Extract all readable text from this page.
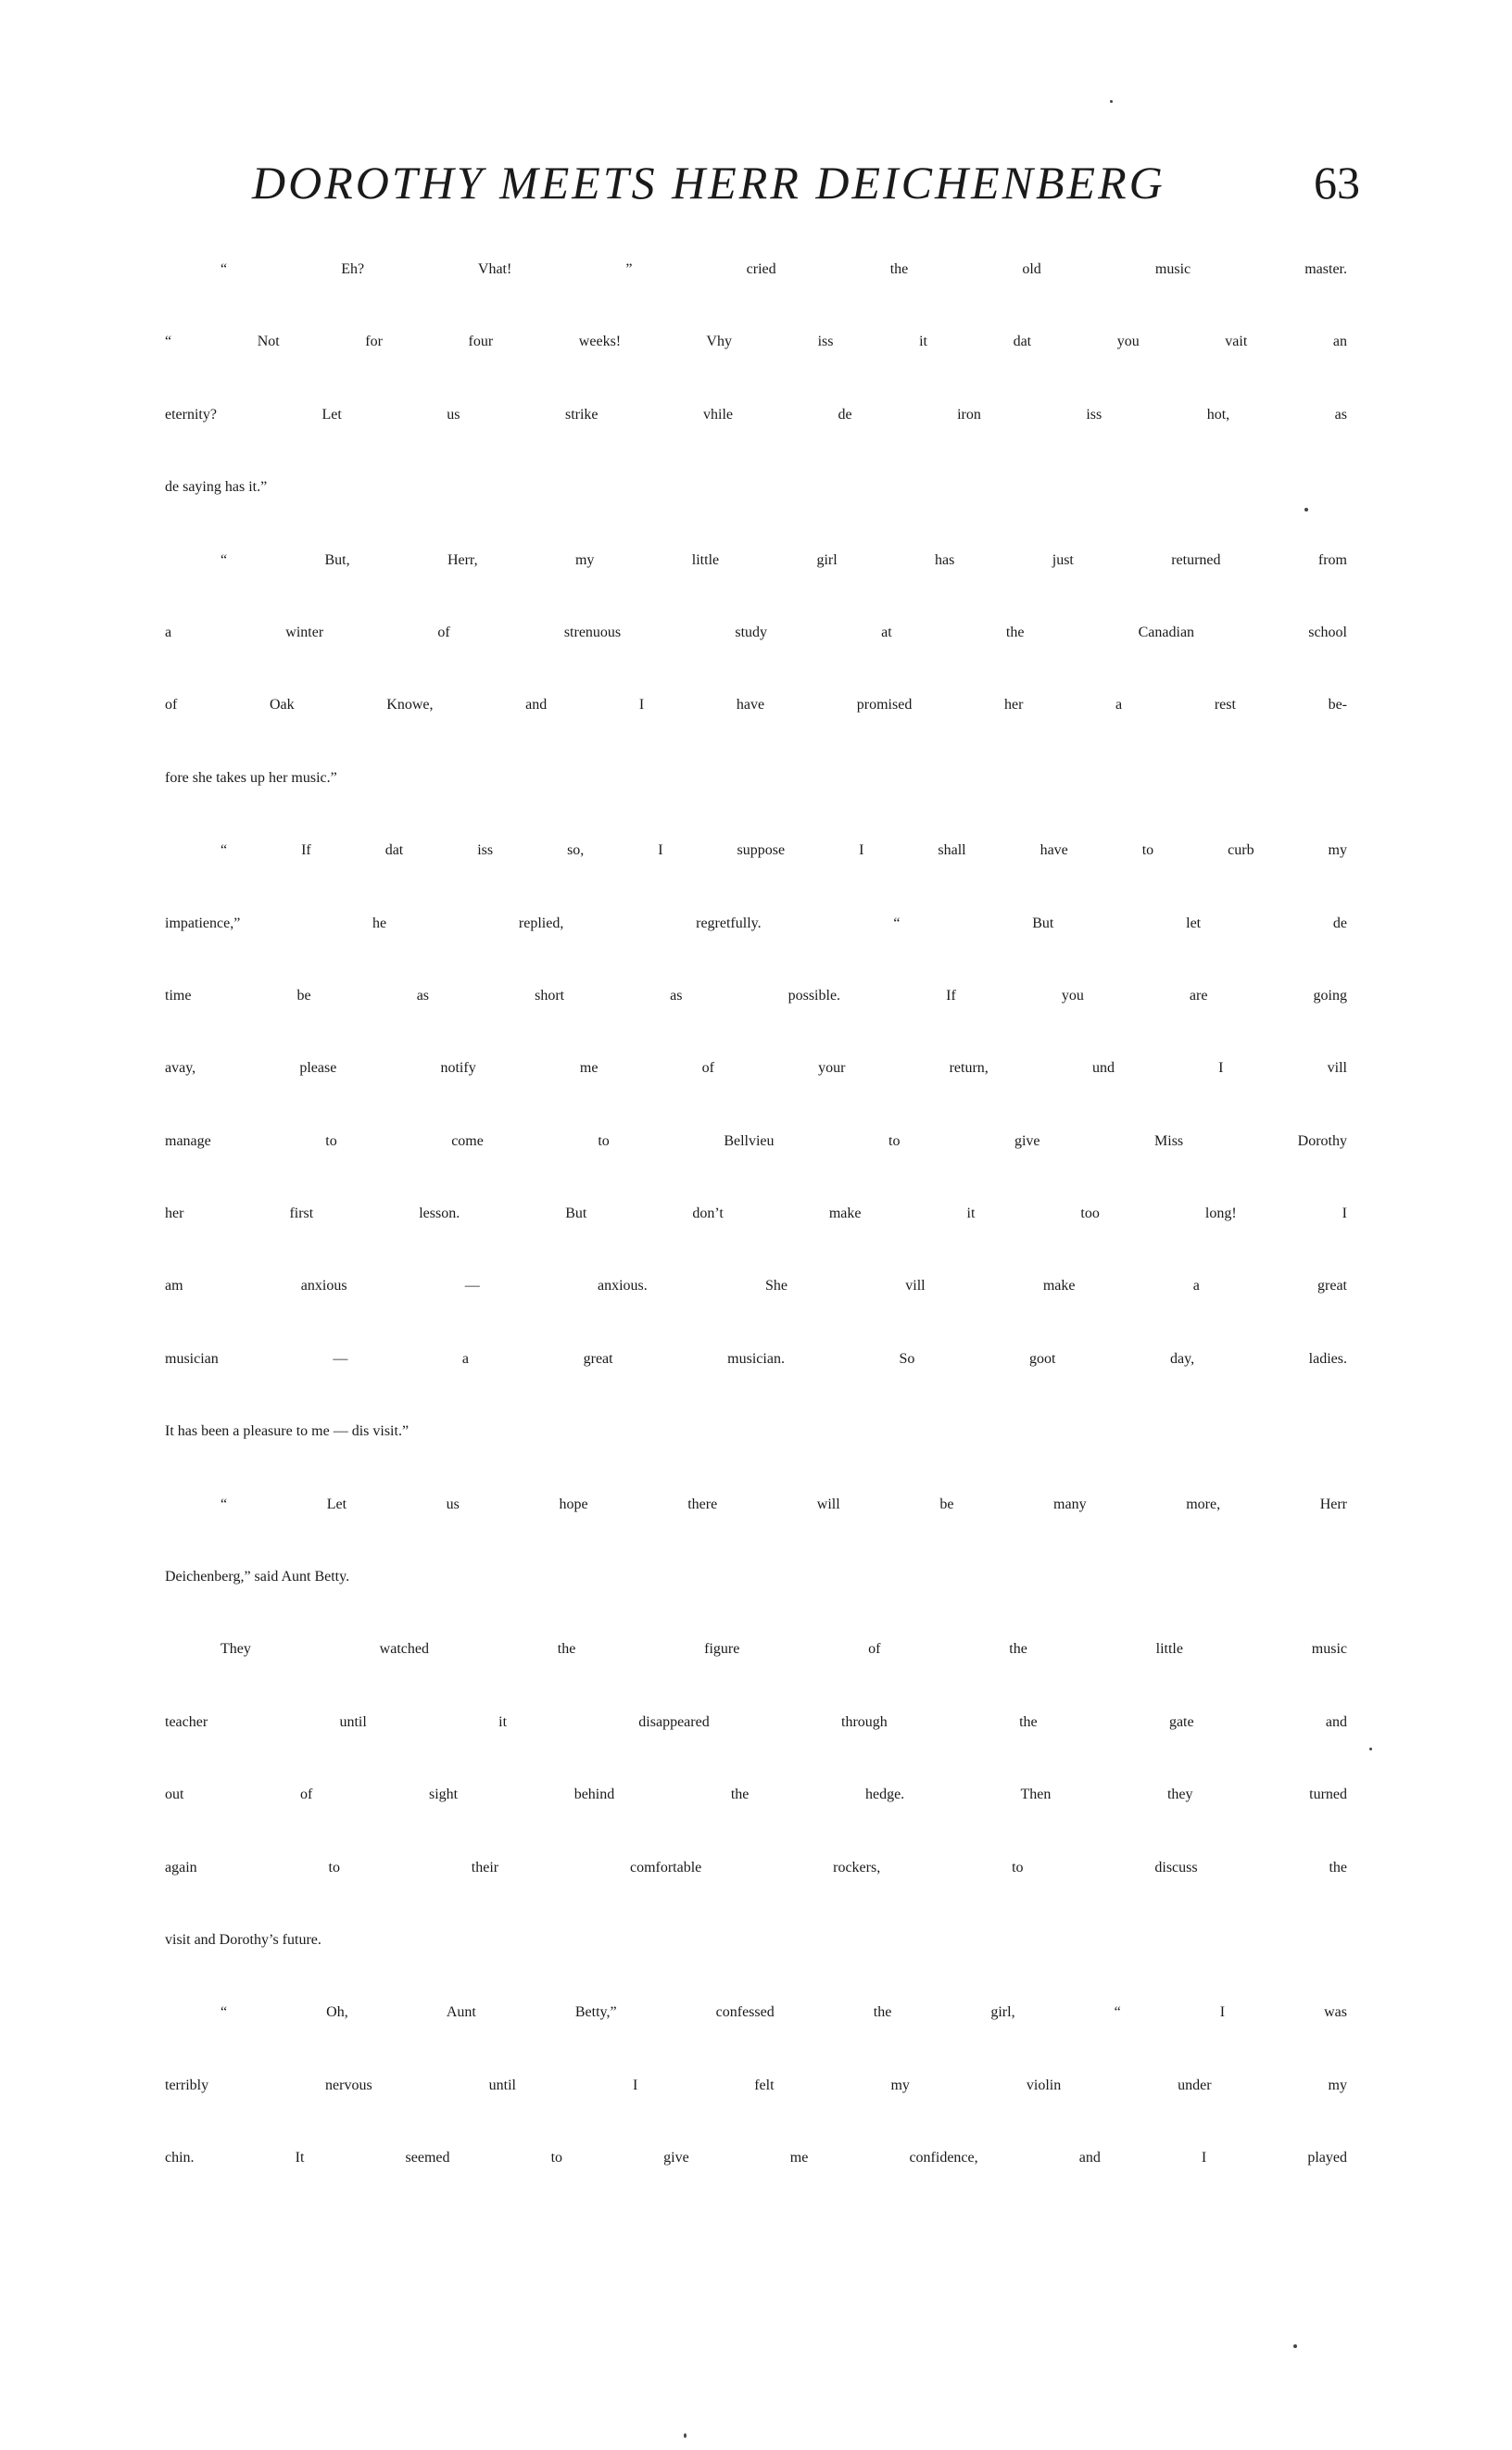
DOROTHY MEETS HERR DEICHENBERG	63
“ Eh? Vhat! ” cried the old music master.
“ Not for four weeks! Vhy iss it dat you vait an
eternity? Let us strike vhile de iron iss hot, as
de saying has it.”
“ But, Herr, my little girl has just returned from
a winter of strenuous study at the Canadian school
of Oak Knowe, and I have promised her a rest be-
fore she takes up her music.”
“ If dat iss so, I suppose I shall have to curb my
impatience,” he replied, regretfully. “ But let de
time be as short as possible. If you are going
avay, please notify me of your return, und I vill
manage to come to Bellvieu to give Miss Dorothy
her first lesson. But don’t make it too long! I
am anxious — anxious. She vill make a great
musician — a great musician. So goot day, ladies.
It has been a pleasure to me — dis visit.”
“ Let us hope there will be many more, Herr
Deichenberg,” said Aunt Betty.
They watched the figure of the little music
teacher until it disappeared through the gate and
out of sight behind the hedge. Then they turned
again to their comfortable rockers, to discuss the
visit and Dorothy’s future.
“ Oh, Aunt Betty,” confessed the girl, “ I was
terribly nervous until I felt my violin under my
chin. It seemed to give me confidence, and I played
